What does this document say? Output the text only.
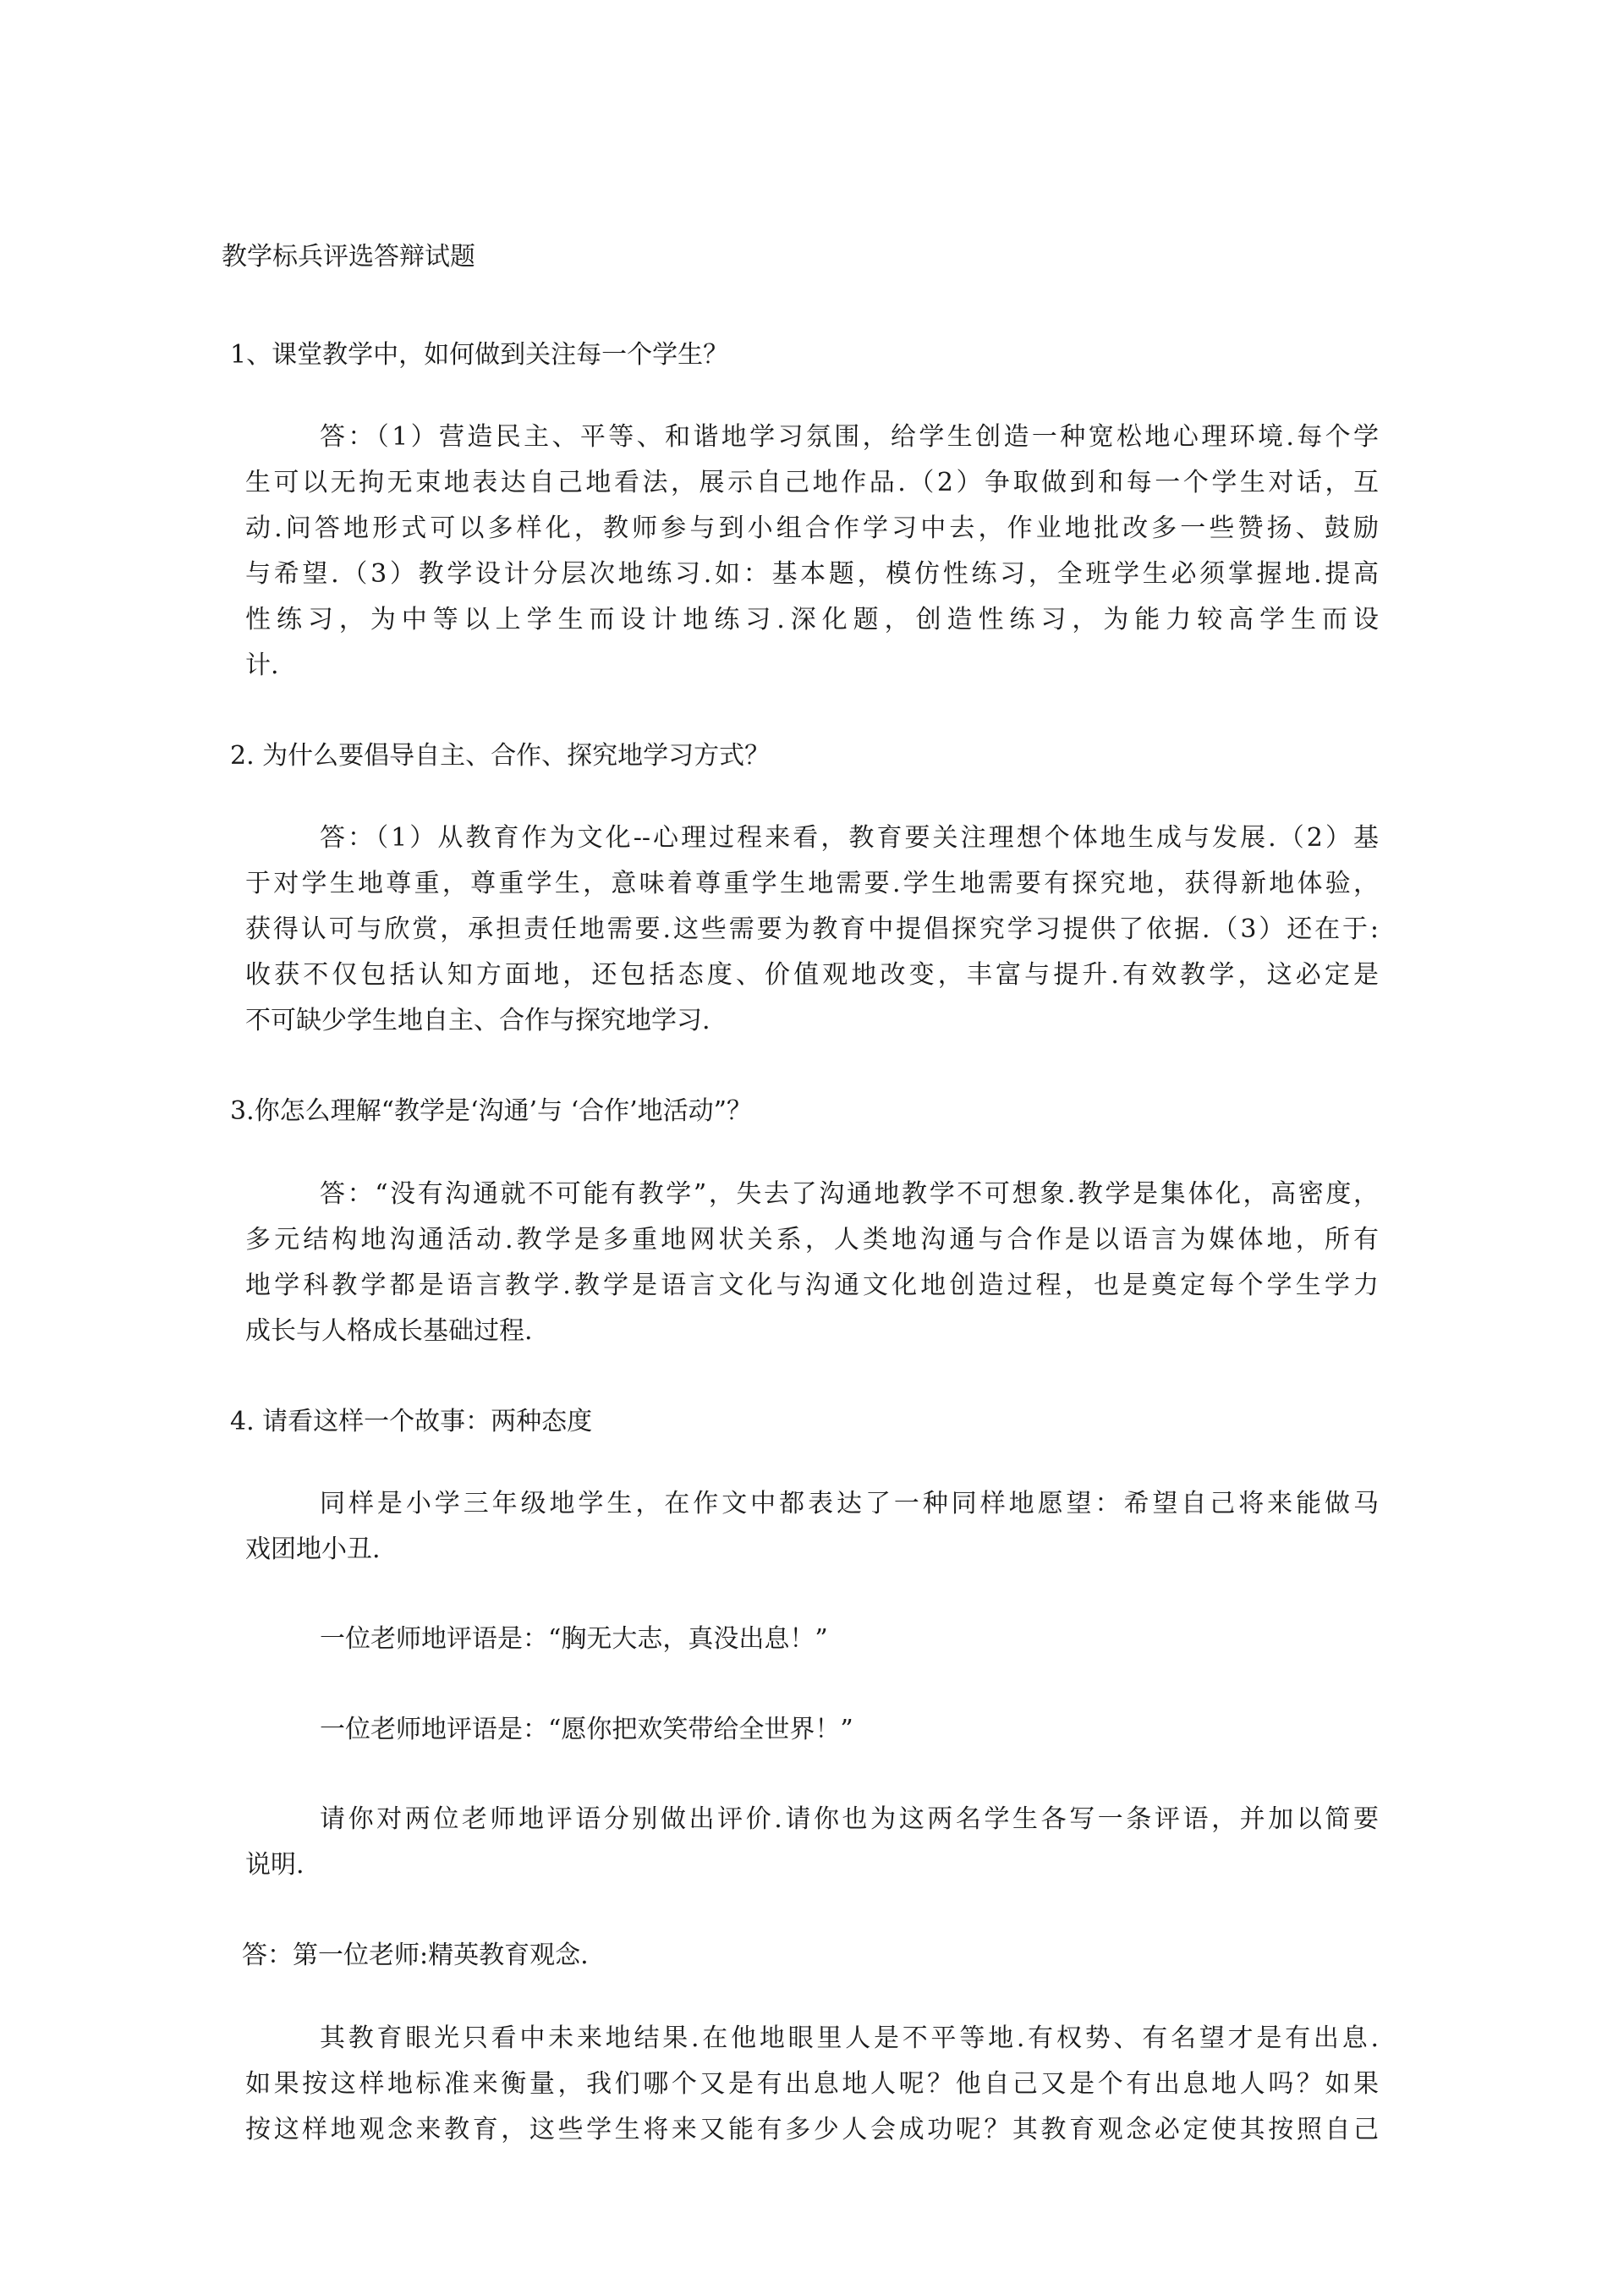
教学标兵评选答辩试题

1、课堂教学中，如何做到关注每一个学生？

答：（1）营造民主、平等、和谐地学习氛围，给学生创造一种宽松地心理环境.每个学

生可以无拘无束地表达自己地看法，展示自己地作品.（2）争取做到和每一个学生对话，互

动.问答地形式可以多样化，教师参与到小组合作学习中去，作业地批改多一些赞扬、鼓励

与希望.（3）教学设计分层次地练习.如：基本题，模仿性练习，全班学生必须掌握地.提高

性练习，为中等以上学生而设计地练习.深化题，创造性练习，为能力较高学生而设

计.

2. 为什么要倡导自主、合作、探究地学习方式？

答：（1）从教育作为文化--心理过程来看，教育要关注理想个体地生成与发展.（2）基

于对学生地尊重，尊重学生，意味着尊重学生地需要.学生地需要有探究地，获得新地体验，

获得认可与欣赏，承担责任地需要.这些需要为教育中提倡探究学习提供了依据.（3）还在于:

收获不仅包括认知方面地，还包括态度、价值观地改变，丰富与提升.有效教学，这必定是

不可缺少学生地自主、合作与探究地学习.

3.你怎么理解“教学是‘沟通’与 ‘合作’地活动”？

答：“没有沟通就不可能有教学”，失去了沟通地教学不可想象.教学是集体化，高密度，

多元结构地沟通活动.教学是多重地网状关系，人类地沟通与合作是以语言为媒体地，所有

地学科教学都是语言教学.教学是语言文化与沟通文化地创造过程，也是奠定每个学生学力

成长与人格成长基础过程.

4. 请看这样一个故事：两种态度

同样是小学三年级地学生，在作文中都表达了一种同样地愿望：希望自己将来能做马

戏团地小丑.

一位老师地评语是：“胸无大志，真没出息！”

一位老师地评语是：“愿你把欢笑带给全世界！”

请你对两位老师地评语分别做出评价.请你也为这两名学生各写一条评语，并加以简要

说明.

答：第一位老师:精英教育观念.

其教育眼光只看中未来地结果.在他地眼里人是不平等地.有权势、有名望才是有出息.

如果按这样地标准来衡量，我们哪个又是有出息地人呢？他自己又是个有出息地人吗？如果

按这样地观念来教育，这些学生将来又能有多少人会成功呢？其教育观念必定使其按照自己
